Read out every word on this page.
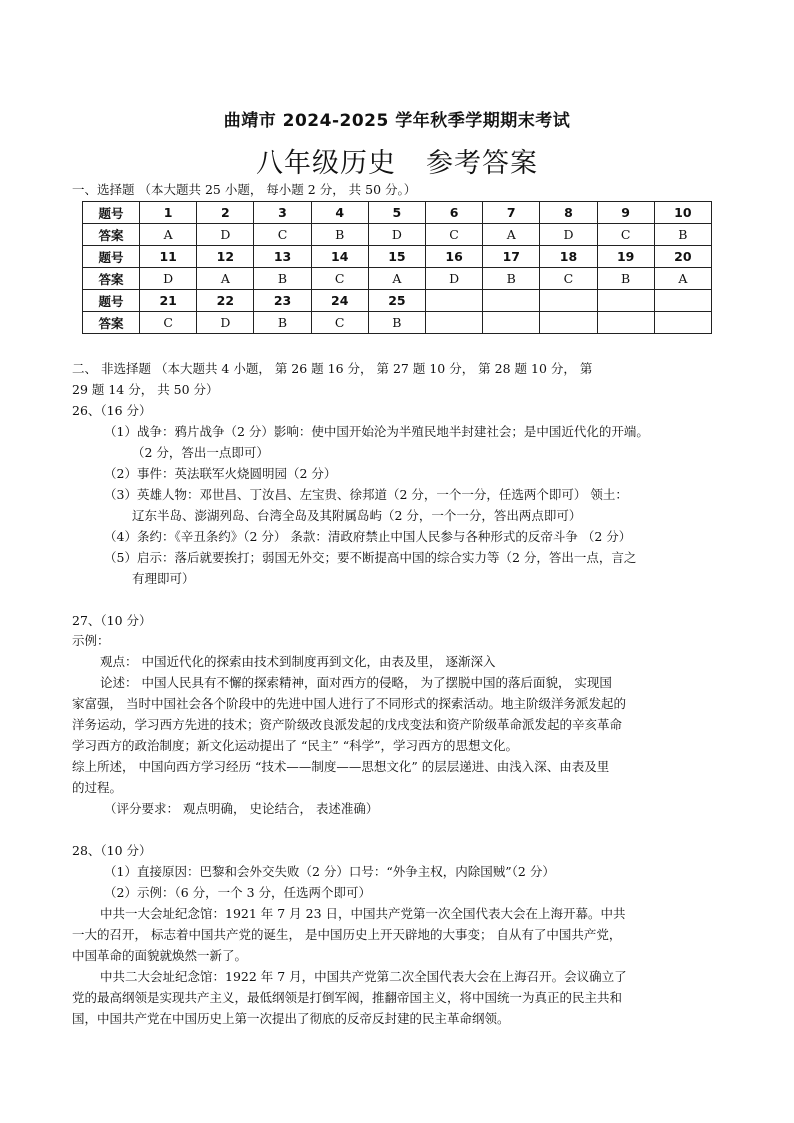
曲靖市 2024-2025 学年秋季学期期末考试
八年级历史 参考答案
一、选择题 （本大题共 25 小题， 每小题 2 分， 共 50 分。）
题号	1	2	3	4	5	6	7	8	9	10
答案	A	D	C	B	D	C	A	D	C	B
题号	11	12	13	14	15	16	17	18	19	20
答案	D	A	B	C	A	D	B	C	B	A
题号	21	22	23	24	25					
答案	C	D	B	C	B					
二、 非选择题 （本大题共 4 小题， 第 26 题 16 分， 第 27 题 10 分， 第 28 题 10 分， 第
29 题 14 分， 共 50 分）
26、（16 分）
（1）战争：鸦片战争（2 分）影响：使中国开始沦为半殖民地半封建社会；是中国近代化的开端。
（2 分，答出一点即可）
（2）事件：英法联军火烧圆明园（2 分）
（3）英雄人物：邓世昌、丁汝昌、左宝贵、徐邦道（2 分，一个一分，任选两个即可） 领土：
辽东半岛、澎湖列岛、台湾全岛及其附属岛屿（2 分，一个一分，答出两点即可）
（4）条约：《辛丑条约》（2 分） 条款：清政府禁止中国人民参与各种形式的反帝斗争 （2 分）
（5）启示：落后就要挨打；弱国无外交；要不断提高中国的综合实力等（2 分，答出一点，言之
有理即可）
27、（10 分）
示例：
观点： 中国近代化的探索由技术到制度再到文化，由表及里， 逐渐深入
论述： 中国人民具有不懈的探索精神，面对西方的侵略， 为了摆脱中国的落后面貌， 实现国
家富强， 当时中国社会各个阶段中的先进中国人进行了不同形式的探索活动。地主阶级洋务派发起的
洋务运动，学习西方先进的技术；资产阶级改良派发起的戊戌变法和资产阶级革命派发起的辛亥革命
学习西方的政治制度；新文化运动提出了 “民主” “科学”，学习西方的思想文化。
综上所述， 中国向西方学习经历 “技术——制度——思想文化” 的层层递进、由浅入深、由表及里
的过程。
（评分要求： 观点明确， 史论结合， 表述准确）
28、（10 分）
（1）直接原因：巴黎和会外交失败（2 分）口号：“外争主权，内除国贼”（2 分）
（2）示例：（6 分，一个 3 分，任选两个即可）
中共一大会址纪念馆：1921 年 7 月 23 日，中国共产党第一次全国代表大会在上海开幕。中共
一大的召开， 标志着中国共产党的诞生， 是中国历史上开天辟地的大事变； 自从有了中国共产党，
中国革命的面貌就焕然一新了。
中共二大会址纪念馆：1922 年 7 月，中国共产党第二次全国代表大会在上海召开。会议确立了
党的最高纲领是实现共产主义，最低纲领是打倒军阀，推翻帝国主义，将中国统一为真正的民主共和
国，中国共产党在中国历史上第一次提出了彻底的反帝反封建的民主革命纲领。
